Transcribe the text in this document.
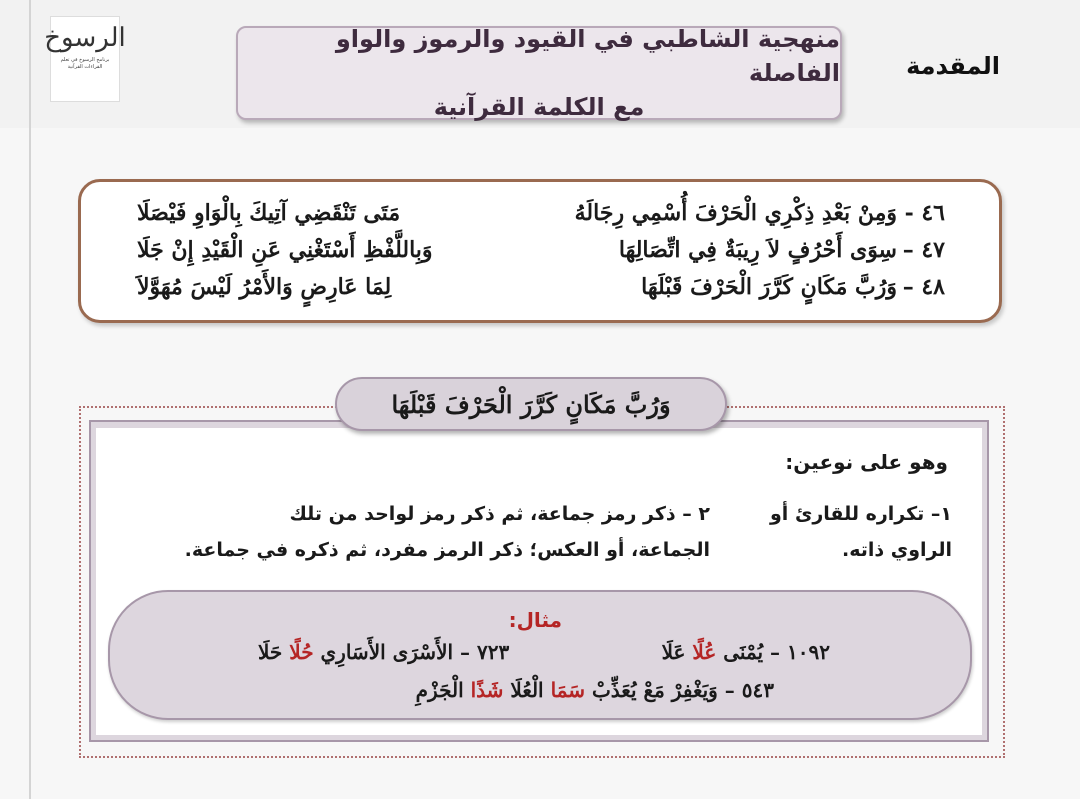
الرسوخ
برنامج الرسوخ في تعلم القراءات القرآنية
منهجية الشاطبي في القيود والرموز والواو الفاصلة
مع الكلمة القرآنية
المقدمة
٤٦ -
وَمِنْ بَعْدِ ذِكْرِي الْحَرْفَ أُسْمِي رِجَالَهُ
مَتَى تَنْقَضِي آتِيكَ بِالْوَاوِ فَيْصَلَا
٤٧ –
سِوَى أَحْرُفٍ لاَ رِيبَةٌ فِي اتِّصَالِهَا
وَبِاللَّفْظِ أَسْتَغْنِي عَنِ الْقَيْدِ إِنْ جَلَا
٤٨ –
وَرُبَّ مَكَانٍ كَرَّرَ الْحَرْفَ قَبْلَهَا
لِمَا عَارِضٍ وَالأَمْرُ لَيْسَ مُهَوَّلاَ
وَرُبَّ مَكَانٍ كَرَّرَ الْحَرْفَ قَبْلَهَا
وهو على نوعين:
١– تكراره للقارئ أو
الراوي ذاته.
٢ – ذكر رمز جماعة، ثم ذكر رمز لواحد من تلك
الجماعة، أو العكس؛ ذكر الرمز مفرد، ثم ذكره في جماعة.
مثال:
١٠٩٢ – يُمْنَى عُلًا عَلَا
٧٢٣ – الأَسْرَى الأَسَارِي حُلًا حَلَا
٥٤٣ – وَيَغْفِرْ مَعْ يُعَذِّبْ سَمَا الْعُلَا شَذًا الْجَزْمِ
